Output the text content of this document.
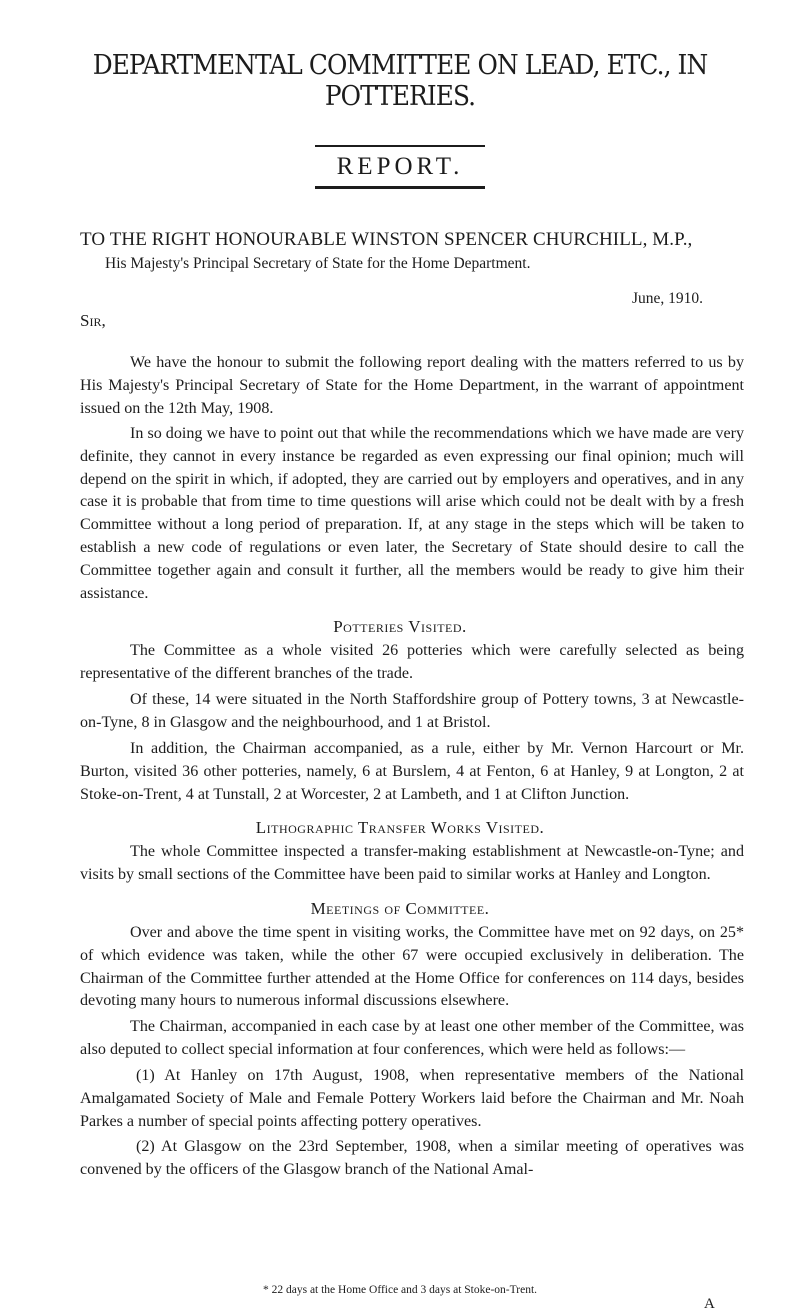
DEPARTMENTAL COMMITTEE ON LEAD, ETC., IN POTTERIES.
REPORT.
TO THE RIGHT HONOURABLE WINSTON SPENCER CHURCHILL, M.P.,
His Majesty's Principal Secretary of State for the Home Department.
June, 1910.
Sir,

We have the honour to submit the following report dealing with the matters referred to us by His Majesty's Principal Secretary of State for the Home Department, in the warrant of appointment issued on the 12th May, 1908.

In so doing we have to point out that while the recommendations which we have made are very definite, they cannot in every instance be regarded as even expressing our final opinion; much will depend on the spirit in which, if adopted, they are carried out by employers and operatives, and in any case it is probable that from time to time questions will arise which could not be dealt with by a fresh Committee without a long period of preparation. If, at any stage in the steps which will be taken to establish a new code of regulations or even later, the Secretary of State should desire to call the Committee together again and consult it further, all the members would be ready to give him their assistance.

Potteries Visited.

The Committee as a whole visited 26 potteries which were carefully selected as being representative of the different branches of the trade.

Of these, 14 were situated in the North Staffordshire group of Pottery towns, 3 at Newcastle-on-Tyne, 8 in Glasgow and the neighbourhood, and 1 at Bristol.

In addition, the Chairman accompanied, as a rule, either by Mr. Vernon Harcourt or Mr. Burton, visited 36 other potteries, namely, 6 at Burslem, 4 at Fenton, 6 at Hanley, 9 at Longton, 2 at Stoke-on-Trent, 4 at Tunstall, 2 at Worcester, 2 at Lambeth, and 1 at Clifton Junction.

Lithographic Transfer Works Visited.

The whole Committee inspected a transfer-making establishment at Newcastle-on-Tyne; and visits by small sections of the Committee have been paid to similar works at Hanley and Longton.

Meetings of Committee.

Over and above the time spent in visiting works, the Committee have met on 92 days, on 25* of which evidence was taken, while the other 67 were occupied exclusively in deliberation. The Chairman of the Committee further attended at the Home Office for conferences on 114 days, besides devoting many hours to numerous informal discussions elsewhere.

The Chairman, accompanied in each case by at least one other member of the Committee, was also deputed to collect special information at four conferences, which were held as follows:—

(1) At Hanley on 17th August, 1908, when representative members of the National Amalgamated Society of Male and Female Pottery Workers laid before the Chairman and Mr. Noah Parkes a number of special points affecting pottery operatives.

(2) At Glasgow on the 23rd September, 1908, when a similar meeting of operatives was convened by the officers of the Glasgow branch of the National Amal-

* 22 days at the Home Office and 3 days at Stoke-on-Trent.
A
